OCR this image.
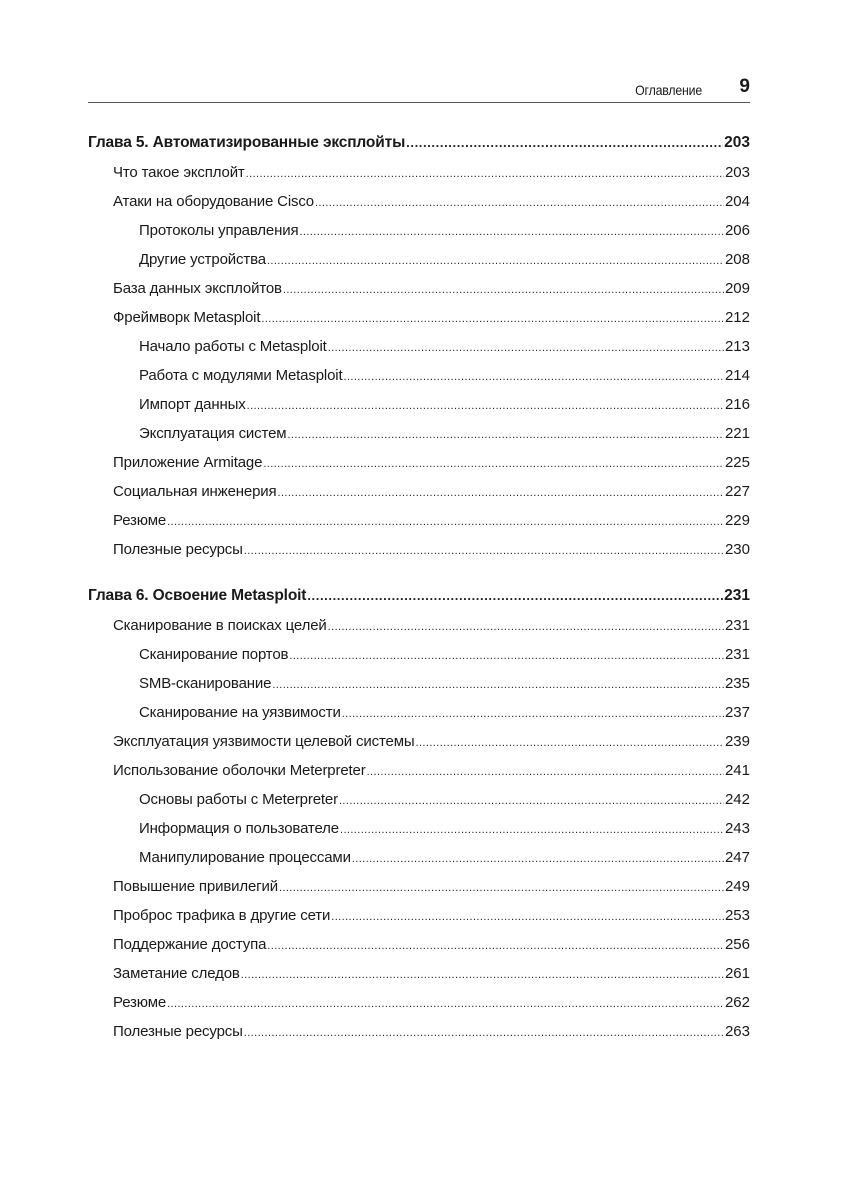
Оглавление 9
Глава 5. Автоматизированные эксплойты .....	203
Что такое эксплойт .....	203
Атаки на оборудование Cisco .....	204
Протоколы управления .....	206
Другие устройства .....	208
База данных эксплойтов .....	209
Фреймворк Metasploit .....	212
Начало работы с Metasploit .....	213
Работа с модулями Metasploit .....	214
Импорт данных .....	216
Эксплуатация систем .....	221
Приложение Armitage .....	225
Социальная инженерия .....	227
Резюме .....	229
Полезные ресурсы .....	230
Глава 6. Освоение Metasploit .....	231
Сканирование в поисках целей .....	231
Сканирование портов .....	231
SMB-сканирование .....	235
Сканирование на уязвимости .....	237
Эксплуатация уязвимости целевой системы .....	239
Использование оболочки Meterpreter .....	241
Основы работы с Meterpreter .....	242
Информация о пользователе .....	243
Манипулирование процессами .....	247
Повышение привилегий .....	249
Проброс трафика в другие сети .....	253
Поддержание доступа .....	256
Заметание следов .....	261
Резюме .....	262
Полезные ресурсы .....	263
